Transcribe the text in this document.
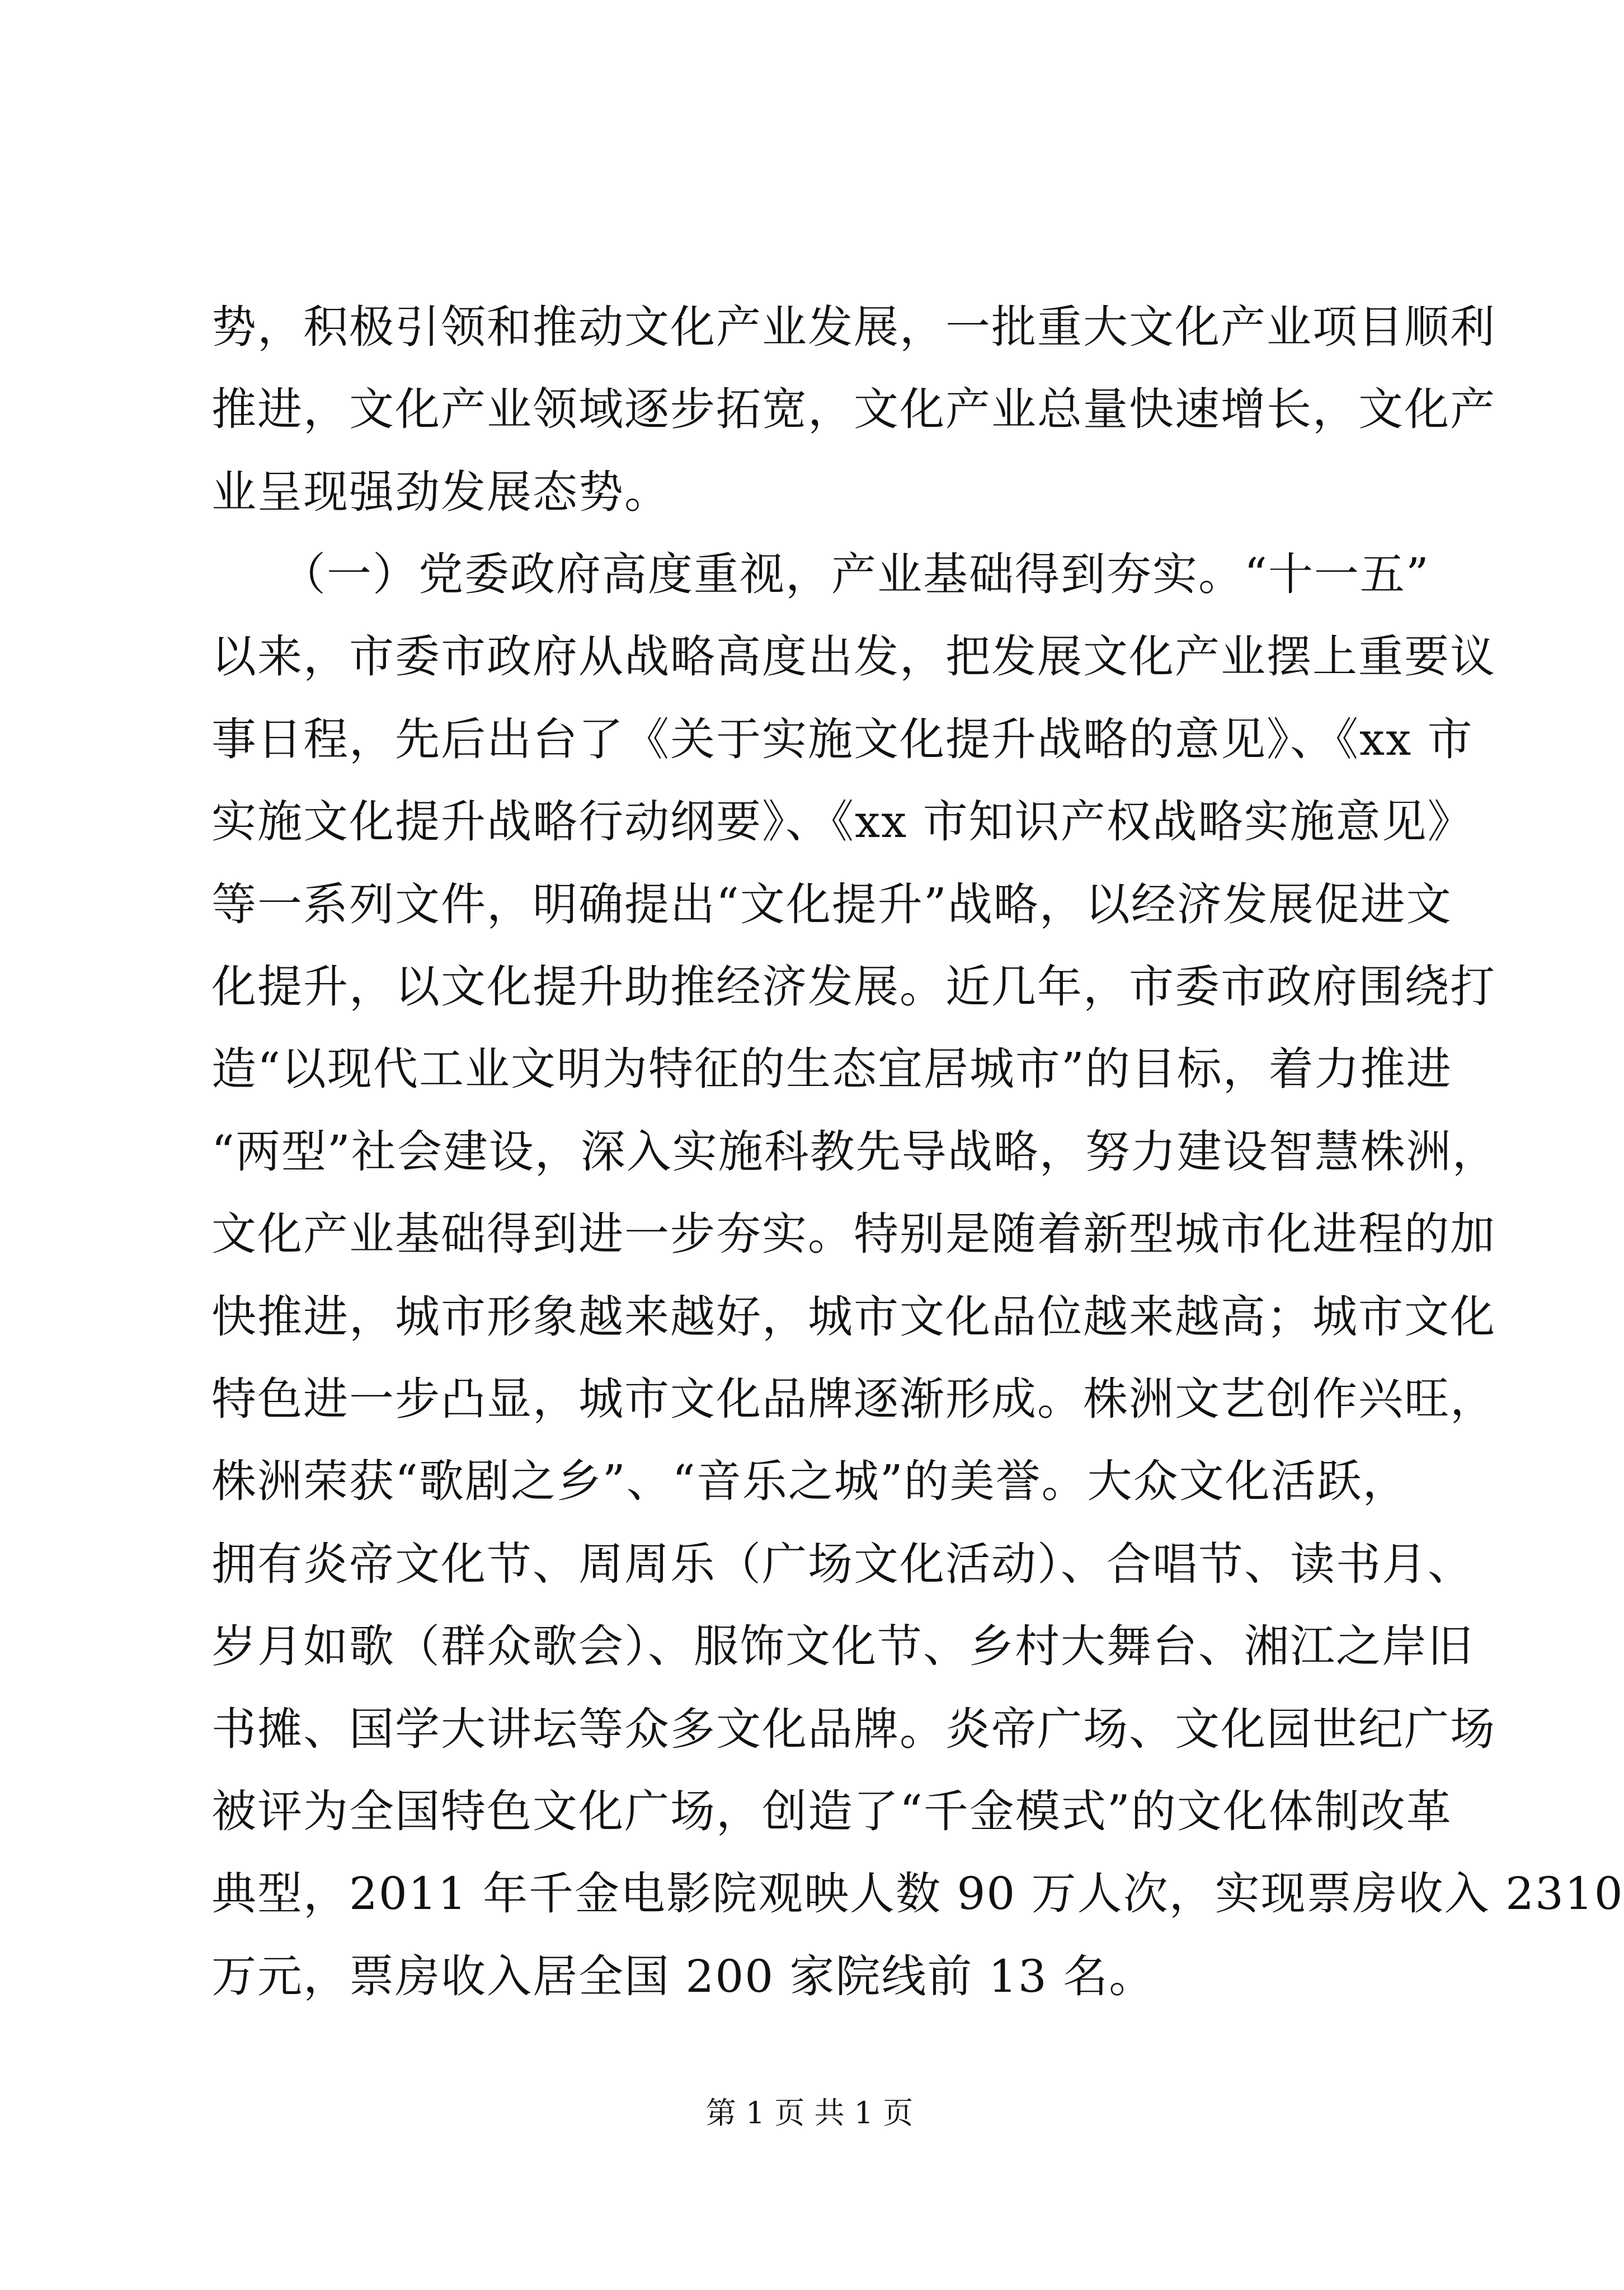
势，积极引领和推动文化产业发展，一批重大文化产业项目顺利
推进，文化产业领域逐步拓宽，文化产业总量快速增长，文化产
业呈现强劲发展态势。
　　（一）党委政府高度重视，产业基础得到夯实。“十一五”
以来，市委市政府从战略高度出发，把发展文化产业摆上重要议
事日程，先后出台了《关于实施文化提升战略的意见》、《xx 市
实施文化提升战略行动纲要》、《xx 市知识产权战略实施意见》
等一系列文件，明确提出“文化提升”战略，以经济发展促进文
化提升，以文化提升助推经济发展。近几年，市委市政府围绕打
造“以现代工业文明为特征的生态宜居城市”的目标，着力推进
“两型”社会建设，深入实施科教先导战略，努力建设智慧株洲，
文化产业基础得到进一步夯实。特别是随着新型城市化进程的加
快推进，城市形象越来越好，城市文化品位越来越高；城市文化
特色进一步凸显，城市文化品牌逐渐形成。株洲文艺创作兴旺，
株洲荣获“歌剧之乡”、“音乐之城”的美誉。大众文化活跃，
拥有炎帝文化节、周周乐（广场文化活动）、合唱节、读书月、
岁月如歌（群众歌会）、服饰文化节、乡村大舞台、湘江之岸旧
书摊、国学大讲坛等众多文化品牌。炎帝广场、文化园世纪广场
被评为全国特色文化广场，创造了“千金模式”的文化体制改革
典型，2011 年千金电影院观映人数 90 万人次，实现票房收入 2310
万元，票房收入居全国 200 家院线前 13 名。
第 1 页 共 1 页
